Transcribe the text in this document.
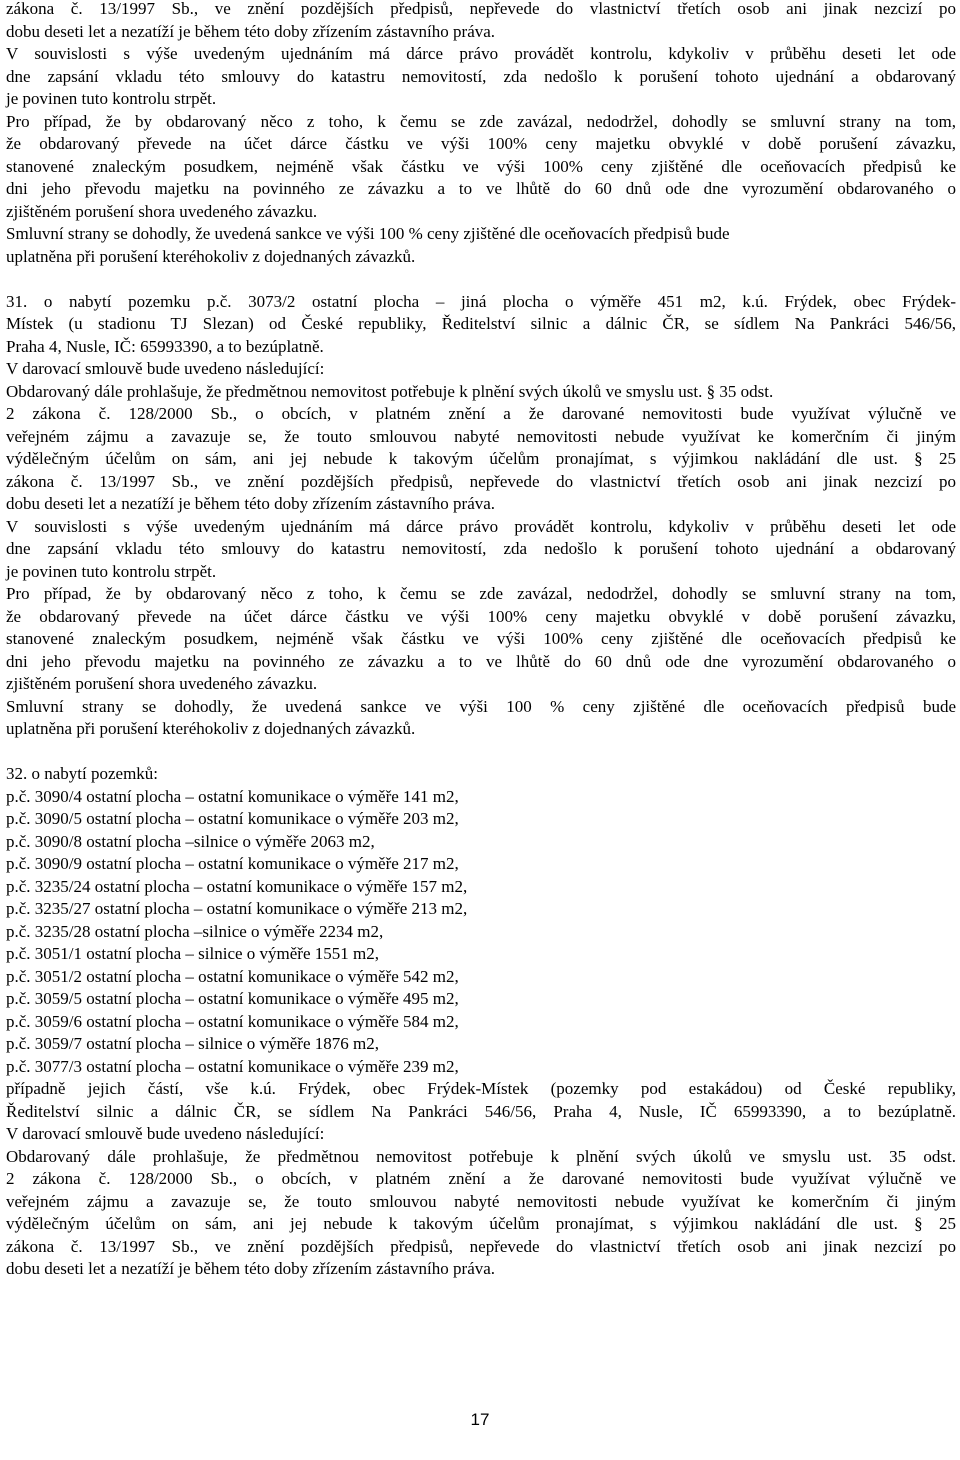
zákona č. 13/1997 Sb., ve znění pozdějších předpisů, nepřevede do vlastnictví třetích osob ani jinak nezcizí po
dobu deseti let a nezatíží je během této doby zřízením zástavního práva.
V souvislosti s výše uvedeným ujednáním má dárce právo provádět kontrolu, kdykoliv v průběhu deseti let ode
dne zapsání vkladu této smlouvy do katastru nemovitostí, zda nedošlo k porušení tohoto ujednání a obdarovaný
je povinen tuto kontrolu strpět.
Pro případ, že by obdarovaný něco z toho, k čemu se zde zavázal, nedodržel, dohodly se smluvní strany na tom,
že obdarovaný převede na účet dárce částku ve výši 100% ceny majetku obvyklé v době porušení závazku,
stanovené znaleckým posudkem, nejméně však částku ve výši 100% ceny zjištěné dle oceňovacích předpisů ke
dni jeho převodu majetku na povinného ze závazku a to ve lhůtě do 60 dnů ode dne vyrozumění obdarovaného o
zjištěném porušení shora uvedeného závazku.
Smluvní strany se dohodly, že uvedená sankce ve výši 100 % ceny zjištěné dle oceňovacích předpisů bude
uplatněna při porušení kteréhokoliv z dojednaných závazků.
31. o nabytí pozemku p.č. 3073/2 ostatní plocha – jiná plocha o výměře 451 m2, k.ú. Frýdek, obec Frýdek-
Místek (u stadionu TJ Slezan) od České republiky, Ředitelství silnic a dálnic ČR, se sídlem Na Pankráci 546/56,
Praha 4, Nusle, IČ: 65993390, a to bezúplatně.
V darovací smlouvě bude uvedeno následující:
Obdarovaný dále prohlašuje, že předmětnou nemovitost potřebuje k plnění svých úkolů ve smyslu ust. § 35 odst.
2 zákona č. 128/2000 Sb., o obcích, v platném znění a že darované nemovitosti bude využívat výlučně ve
veřejném zájmu a zavazuje se, že touto smlouvou nabyté nemovitosti nebude využívat ke komerčním či jiným
výdělečným účelům on sám, ani jej nebude k takovým účelům pronajímat, s výjimkou nakládání dle ust. § 25
zákona č. 13/1997 Sb., ve znění pozdějších předpisů, nepřevede do vlastnictví třetích osob ani jinak nezcizí po
dobu deseti let a nezatíží je během této doby zřízením zástavního práva.
V souvislosti s výše uvedeným ujednáním má dárce právo provádět kontrolu, kdykoliv v průběhu deseti let ode
dne zapsání vkladu této smlouvy do katastru nemovitostí, zda nedošlo k porušení tohoto ujednání a obdarovaný
je povinen tuto kontrolu strpět.
Pro případ, že by obdarovaný něco z toho, k čemu se zde zavázal, nedodržel, dohodly se smluvní strany na tom,
že obdarovaný převede na účet dárce částku ve výši 100% ceny majetku obvyklé v době porušení závazku,
stanovené znaleckým posudkem, nejméně však částku ve výši 100% ceny zjištěné dle oceňovacích předpisů ke
dni jeho převodu majetku na povinného ze závazku a to ve lhůtě do 60 dnů ode dne vyrozumění obdarovaného o
zjištěném porušení shora uvedeného závazku.
Smluvní strany se dohodly, že uvedená sankce ve výši 100 % ceny zjištěné dle oceňovacích předpisů bude
uplatněna při porušení kteréhokoliv z dojednaných závazků.
32. o nabytí pozemků:
p.č. 3090/4 ostatní plocha – ostatní komunikace o výměře 141 m2,
p.č. 3090/5 ostatní plocha – ostatní komunikace o výměře 203 m2,
p.č. 3090/8 ostatní plocha –silnice o výměře 2063 m2,
p.č. 3090/9 ostatní plocha – ostatní komunikace o výměře 217 m2,
p.č. 3235/24 ostatní plocha – ostatní komunikace o výměře 157 m2,
p.č. 3235/27 ostatní plocha – ostatní komunikace o výměře 213 m2,
p.č. 3235/28 ostatní plocha –silnice o výměře 2234 m2,
p.č. 3051/1 ostatní plocha – silnice o výměře 1551 m2,
p.č. 3051/2 ostatní plocha – ostatní komunikace o výměře 542 m2,
p.č. 3059/5 ostatní plocha – ostatní komunikace o výměře 495 m2,
p.č. 3059/6 ostatní plocha – ostatní komunikace o výměře 584 m2,
p.č. 3059/7 ostatní plocha – silnice o výměře 1876 m2,
p.č. 3077/3 ostatní plocha – ostatní komunikace o výměře 239 m2,
případně jejich částí, vše k.ú. Frýdek, obec Frýdek-Místek (pozemky pod estakádou) od České republiky,
Ředitelství silnic a dálnic ČR, se sídlem Na Pankráci 546/56, Praha 4, Nusle, IČ 65993390, a to bezúplatně.
V darovací smlouvě bude uvedeno následující:
Obdarovaný dále prohlašuje, že předmětnou nemovitost potřebuje k plnění svých úkolů ve smyslu ust. 35 odst.
2 zákona č. 128/2000 Sb., o obcích, v platném znění a že darované nemovitosti bude využívat výlučně ve
veřejném zájmu a zavazuje se, že touto smlouvou nabyté nemovitosti nebude využívat ke komerčním či jiným
výdělečným účelům on sám, ani jej nebude k takovým účelům pronajímat, s výjimkou nakládání dle ust. § 25
zákona č. 13/1997 Sb., ve znění pozdějších předpisů, nepřevede do vlastnictví třetích osob ani jinak nezcizí po
dobu deseti let a nezatíží je během této doby zřízením zástavního práva.
17
